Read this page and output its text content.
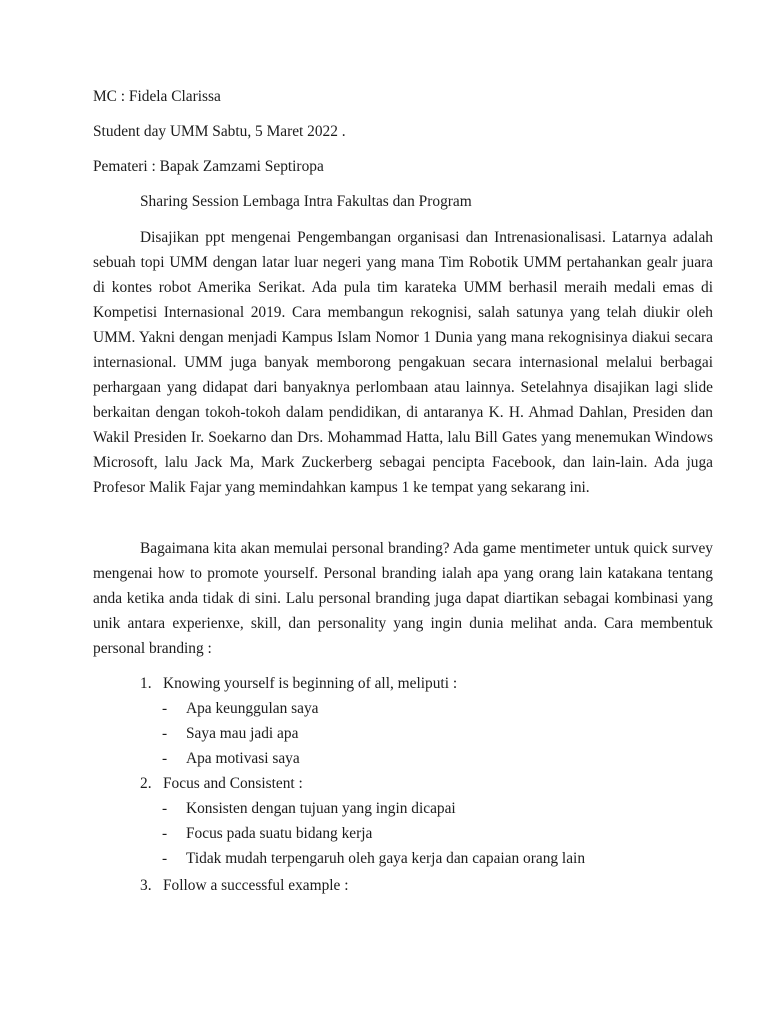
MC : Fidela Clarissa
Student day UMM Sabtu, 5 Maret 2022 .
Pemateri : Bapak Zamzami Septiropa
Sharing Session Lembaga Intra Fakultas dan Program

Disajikan ppt mengenai Pengembangan organisasi dan Intrenasionalisasi. Latarnya adalah sebuah topi UMM dengan latar luar negeri yang mana Tim Robotik UMM pertahankan gealr juara di kontes robot Amerika Serikat. Ada pula tim karateka UMM berhasil meraih medali emas di Kompetisi Internasional 2019. Cara membangun rekognisi, salah satunya yang telah diukir oleh UMM. Yakni dengan menjadi Kampus Islam Nomor 1 Dunia yang mana rekognisinya diakui secara internasional. UMM juga banyak memborong pengakuan secara internasional melalui berbagai perhargaan yang didapat dari banyaknya perlombaan atau lainnya. Setelahnya disajikan lagi slide berkaitan dengan tokoh-tokoh dalam pendidikan, di antaranya K. H. Ahmad Dahlan, Presiden dan Wakil Presiden Ir. Soekarno dan Drs. Mohammad Hatta, lalu Bill Gates yang menemukan Windows Microsoft, lalu Jack Ma, Mark Zuckerberg sebagai pencipta Facebook, dan lain-lain. Ada juga Profesor Malik Fajar yang memindahkan kampus 1 ke tempat yang sekarang ini.

Bagaimana kita akan memulai personal branding? Ada game mentimeter untuk quick survey mengenai how to promote yourself. Personal branding ialah apa yang orang lain katakana tentang anda ketika anda tidak di sini. Lalu personal branding juga dapat diartikan sebagai kombinasi yang unik antara experienxe, skill, dan personality yang ingin dunia melihat anda. Cara membentuk personal branding :

1. Knowing yourself is beginning of all, meliputi :
- Apa keunggulan saya
- Saya mau jadi apa
- Apa motivasi saya
2. Focus and Consistent :
- Konsisten dengan tujuan yang ingin dicapai
- Focus pada suatu bidang kerja
- Tidak mudah terpengaruh oleh gaya kerja dan capaian orang lain
3. Follow a successful example :
